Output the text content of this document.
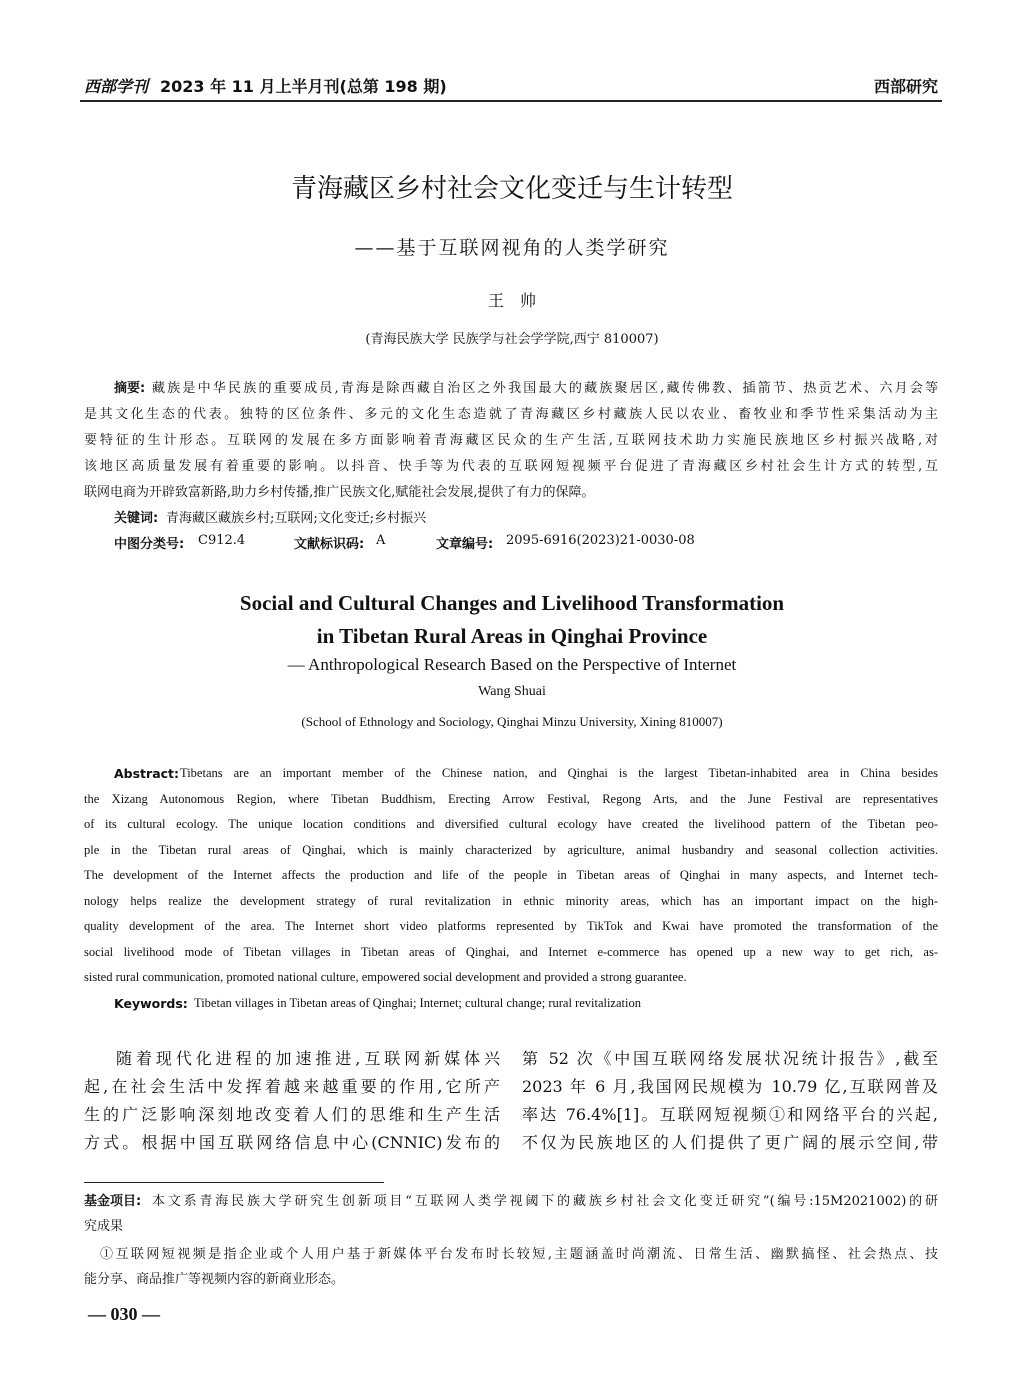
西部学刊 2023 年 11 月上半月刊(总第 198 期)	西部研究
青海藏区乡村社会文化变迁与生计转型
——基于互联网视角的人类学研究
王　帅
(青海民族大学 民族学与社会学学院,西宁 810007)
摘要: 藏族是中华民族的重要成员,青海是除西藏自治区之外我国最大的藏族聚居区,藏传佛教、插箭节、热贡艺术、六月会等
是其文化生态的代表。独特的区位条件、多元的文化生态造就了青海藏区乡村藏族人民以农业、畜牧业和季节性采集活动为主
要特征的生计形态。互联网的发展在多方面影响着青海藏区民众的生产生活,互联网技术助力实施民族地区乡村振兴战略,对
该地区高质量发展有着重要的影响。以抖音、快手等为代表的互联网短视频平台促进了青海藏区乡村社会生计方式的转型,互
联网电商为开辟致富新路,助力乡村传播,推广民族文化,赋能社会发展,提供了有力的保障。
关键词: 青海藏区藏族乡村;互联网;文化变迁;乡村振兴
中图分类号: C912.4	文献标识码: A	文章编号: 2095-6916(2023)21-0030-08
Social and Cultural Changes and Livelihood Transformation
in Tibetan Rural Areas in Qinghai Province
— Anthropological Research Based on the Perspective of Internet
Wang Shuai
(School of Ethnology and Sociology, Qinghai Minzu University, Xining 810007)
Abstract: Tibetans are an important member of the Chinese nation, and Qinghai is the largest Tibetan-inhabited area in China besides
the Xizang Autonomous Region, where Tibetan Buddhism, Erecting Arrow Festival, Regong Arts, and the June Festival are representatives
of its cultural ecology. The unique location conditions and diversified cultural ecology have created the livelihood pattern of the Tibetan peo-
ple in the Tibetan rural areas of Qinghai, which is mainly characterized by agriculture, animal husbandry and seasonal collection activities.
The development of the Internet affects the production and life of the people in Tibetan areas of Qinghai in many aspects, and Internet tech-
nology helps realize the development strategy of rural revitalization in ethnic minority areas, which has an important impact on the high-
quality development of the area. The Internet short video platforms represented by TikTok and Kwai have promoted the transformation of the
social livelihood mode of Tibetan villages in Tibetan areas of Qinghai, and Internet e-commerce has opened up a new way to get rich, as-
sisted rural communication, promoted national culture, empowered social development and provided a strong guarantee.
Keywords: Tibetan villages in Tibetan areas of Qinghai; Internet; cultural change; rural revitalization
随着现代化进程的加速推进,互联网新媒体兴
起,在社会生活中发挥着越来越重要的作用,它所产
生的广泛影响深刻地改变着人们的思维和生产生活
方式。根据中国互联网络信息中心(CNNIC)发布的
第 52 次《中国互联网络发展状况统计报告》,截至
2023 年 6 月,我国网民规模为 10.79 亿,互联网普及
率达 76.4%[1]。互联网短视频①和网络平台的兴起,
不仅为民族地区的人们提供了更广阔的展示空间,带
基金项目: 本文系青海民族大学研究生创新项目“互联网人类学视阈下的藏族乡村社会文化变迁研究”(编号:15M2021002)的研
究成果
①互联网短视频是指企业或个人用户基于新媒体平台发布时长较短,主题涵盖时尚潮流、日常生活、幽默搞怪、社会热点、技
能分享、商品推广等视频内容的新商业形态。
— 030 —
